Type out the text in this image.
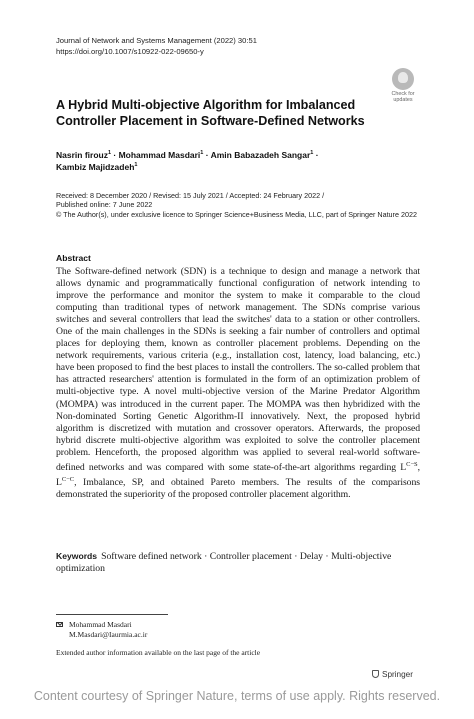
Journal of Network and Systems Management (2022) 30:51
https://doi.org/10.1007/s10922-022-09650-y
Check for
updates
A Hybrid Multi-objective Algorithm for Imbalanced Controller Placement in Software-Defined Networks
Nasrin firouz$^1$ · Mohammad Masdari$^1$ · Amin Babazadeh Sangar$^1$ ·
Kambiz Majidzadeh$^1$
Received: 8 December 2020 / Revised: 15 July 2021 / Accepted: 24 February 2022 /
Published online: 7 June 2022
© The Author(s), under exclusive licence to Springer Science+Business Media, LLC, part of Springer Nature 2022
Abstract

The Software-defined network (SDN) is a technique to design and manage a network that allows dynamic and programmatically functional configuration of network intending to improve the performance and monitor the system to make it comparable to the cloud computing than traditional types of network management. The SDNs comprise various switches and several controllers that lead the switches' data to a station or other controllers. One of the main challenges in the SDNs is seeking a fair number of controllers and optimal places for deploying them, known as controller placement problems. Depending on the network requirements, various criteria (e.g., installation cost, latency, load balancing, etc.) have been proposed to find the best places to install the controllers. The so-called problem that has attracted researchers' attention is formulated in the form of an optimization problem of multi-objective type. A novel multi-objective version of the Marine Predator Algorithm (MOMPA) was introduced in the current paper. The MOMPA was then hybridized with the Non-dominated Sorting Genetic Algorithm-II innovatively. Next, the proposed hybrid algorithm is discretized with mutation and crossover operators. Afterwards, the proposed hybrid discrete multi-objective algorithm was exploited to solve the controller placement problem. Henceforth, the proposed algorithm was applied to several real-world software-defined networks and was compared with some state-of-the-art algorithms regarding $L^{C-S}$, $L^{C-C}$, Imbalance, SP, and obtained Pareto members. The results of the comparisons demonstrated the superiority of the proposed controller placement algorithm.

Keywords Software defined network · Controller placement · Delay · Multi-objective optimization
Mohammad Masdari
M.Masdari@Iaurmia.ac.ir
Extended author information available on the last page of the article
Springer
Content courtesy of Springer Nature, terms of use apply. Rights reserved.
